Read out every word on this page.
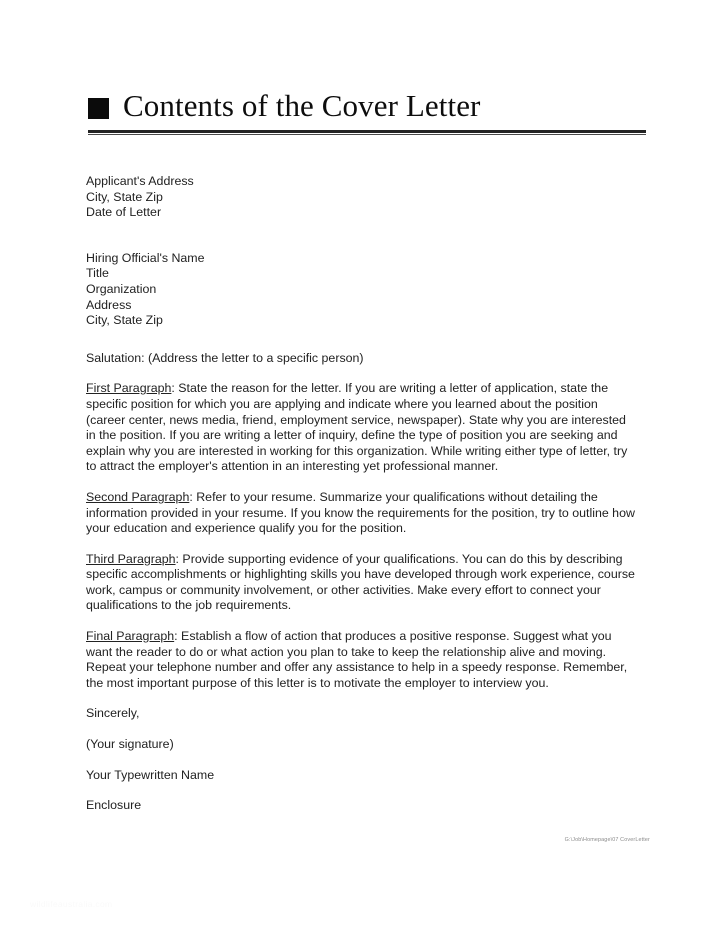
Contents of the Cover Letter
Applicant's Address
City, State Zip
Date of Letter
Hiring Official's Name
Title
Organization
Address
City, State Zip

Salutation: (Address the letter to a specific person)

First Paragraph: State the reason for the letter. If you are writing a letter of application, state the specific position for which you are applying and indicate where you learned about the position (career center, news media, friend, employment service, newspaper). State why you are interested in the position. If you are writing a letter of inquiry, define the type of position you are seeking and explain why you are interested in working for this organization. While writing either type of letter, try to attract the employer's attention in an interesting yet professional manner.

Second Paragraph: Refer to your resume. Summarize your qualifications without detailing the information provided in your resume. If you know the requirements for the position, try to outline how your education and experience qualify you for the position.

Third Paragraph: Provide supporting evidence of your qualifications. You can do this by describing specific accomplishments or highlighting skills you have developed through work experience, course work, campus or community involvement, or other activities. Make every effort to connect your qualifications to the job requirements.

Final Paragraph: Establish a flow of action that produces a positive response. Suggest what you want the reader to do or what action you plan to take to keep the relationship alive and moving. Repeat your telephone number and offer any assistance to help in a speedy response. Remember, the most important purpose of this letter is to motivate the employer to interview you.

Sincerely,
(Your signature)
Your Typewritten Name
Enclosure
G:\Job\Homepage\07 CoverLetter
wildlifeaustralia.com
